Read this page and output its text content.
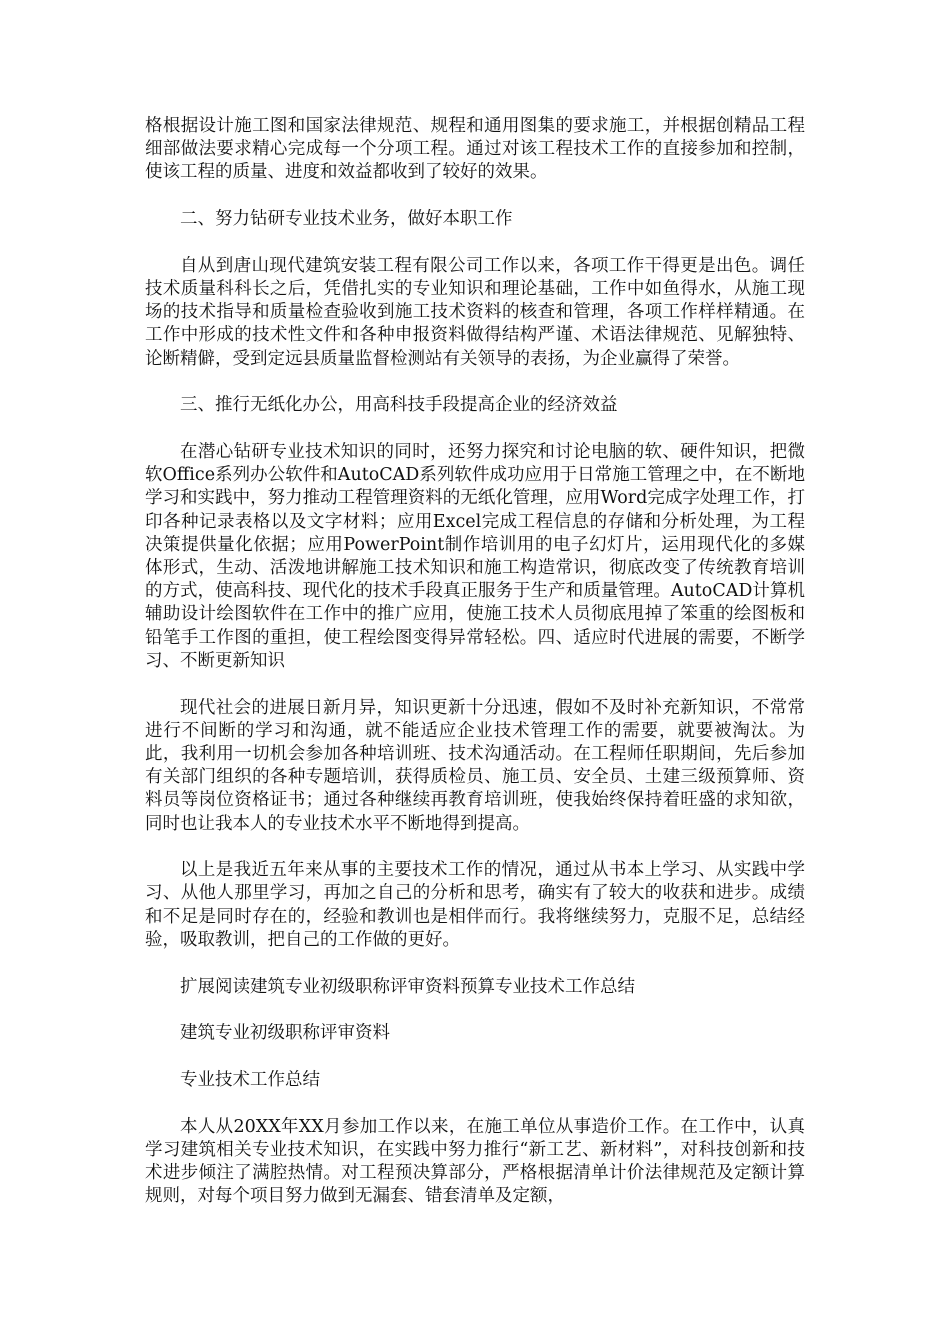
格根据设计施工图和国家法律规范、规程和通用图集的要求施工，并根据创精品工程细部做法要求精心完成每一个分项工程。通过对该工程技术工作的直接参加和控制，使该工程的质量、进度和效益都收到了较好的效果。

二、努力钻研专业技术业务，做好本职工作

自从到唐山现代建筑安装工程有限公司工作以来，各项工作干得更是出色。调任技术质量科科长之后，凭借扎实的专业知识和理论基础，工作中如鱼得水，从施工现场的技术指导和质量检查验收到施工技术资料的核查和管理，各项工作样样精通。在工作中形成的技术性文件和各种申报资料做得结构严谨、术语法律规范、见解独特、论断精僻，受到定远县质量监督检测站有关领导的表扬，为企业赢得了荣誉。

三、推行无纸化办公，用高科技手段提高企业的经济效益

在潜心钻研专业技术知识的同时，还努力探究和讨论电脑的软、硬件知识，把微软Office系列办公软件和AutoCAD系列软件成功应用于日常施工管理之中，在不断地学习和实践中，努力推动工程管理资料的无纸化管理，应用Word完成字处理工作，打印各种记录表格以及文字材料；应用Excel完成工程信息的存储和分析处理，为工程决策提供量化依据；应用PowerPoint制作培训用的电子幻灯片，运用现代化的多媒体形式，生动、活泼地讲解施工技术知识和施工构造常识，彻底改变了传统教育培训的方式，使高科技、现代化的技术手段真正服务于生产和质量管理。AutoCAD计算机辅助设计绘图软件在工作中的推广应用，使施工技术人员彻底甩掉了笨重的绘图板和铅笔手工作图的重担，使工程绘图变得异常轻松。四、适应时代进展的需要，不断学习、不断更新知识

现代社会的进展日新月异，知识更新十分迅速，假如不及时补充新知识，不常常进行不间断的学习和沟通，就不能适应企业技术管理工作的需要，就要被淘汰。为此，我利用一切机会参加各种培训班、技术沟通活动。在工程师任职期间，先后参加有关部门组织的各种专题培训，获得质检员、施工员、安全员、土建三级预算师、资料员等岗位资格证书；通过各种继续再教育培训班，使我始终保持着旺盛的求知欲，同时也让我本人的专业技术水平不断地得到提高。

以上是我近五年来从事的主要技术工作的情况，通过从书本上学习、从实践中学习、从他人那里学习，再加之自己的分析和思考，确实有了较大的收获和进步。成绩和不足是同时存在的，经验和教训也是相伴而行。我将继续努力，克服不足，总结经验，吸取教训，把自己的工作做的更好。

扩展阅读建筑专业初级职称评审资料预算专业技术工作总结

建筑专业初级职称评审资料

专业技术工作总结

本人从20XX年XX月参加工作以来，在施工单位从事造价工作。在工作中，认真学习建筑相关专业技术知识，在实践中努力推行“新工艺、新材料”，对科技创新和技术进步倾注了满腔热情。对工程预决算部分，严格根据清单计价法律规范及定额计算规则，对每个项目努力做到无漏套、错套清单及定额，
